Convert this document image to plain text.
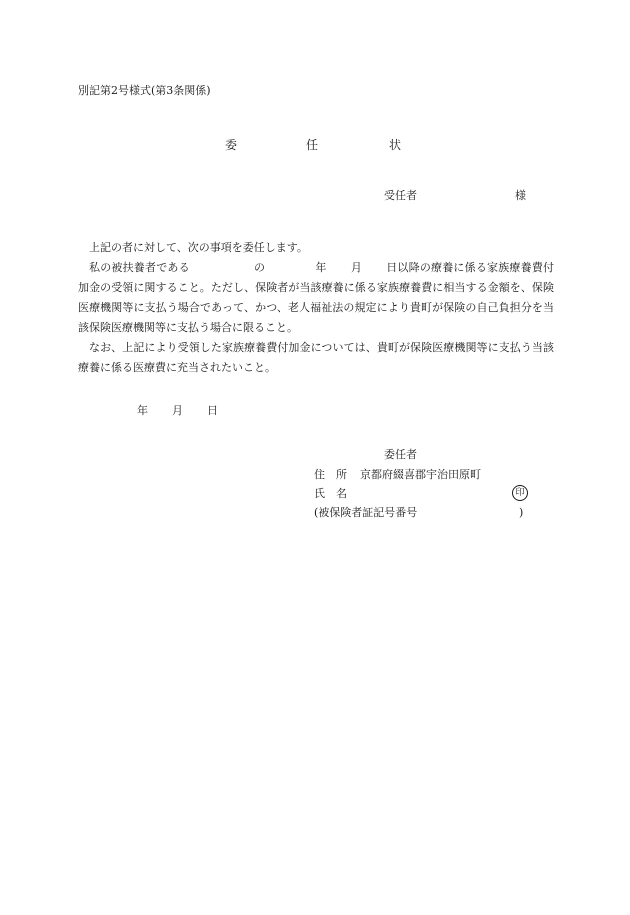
別記第2号様式(第3条関係)
委	任	状
受任者	様

上記の者に対して、次の事項を委任します。

私の被扶養者である	の	年 月 日以降の療養に係る家族療養費付加金の受領に関すること。ただし、保険者が当該療養に係る家族療養費に相当する金額を、保険医療機関等に支払う場合であって、かつ、老人福祉法の規定により貴町が保険の自己負担分を当該保険医療機関等に支払う場合に限ること。

なお、上記により受領した家族療養費付加金については、貴町が保険医療機関等に支払う当該療養に係る医療費に充当されたいこと。

年 月 日
委任者
住　所 京都府綴喜郡宇治田原町
氏　名	印
(被保険者証記号番号	)
